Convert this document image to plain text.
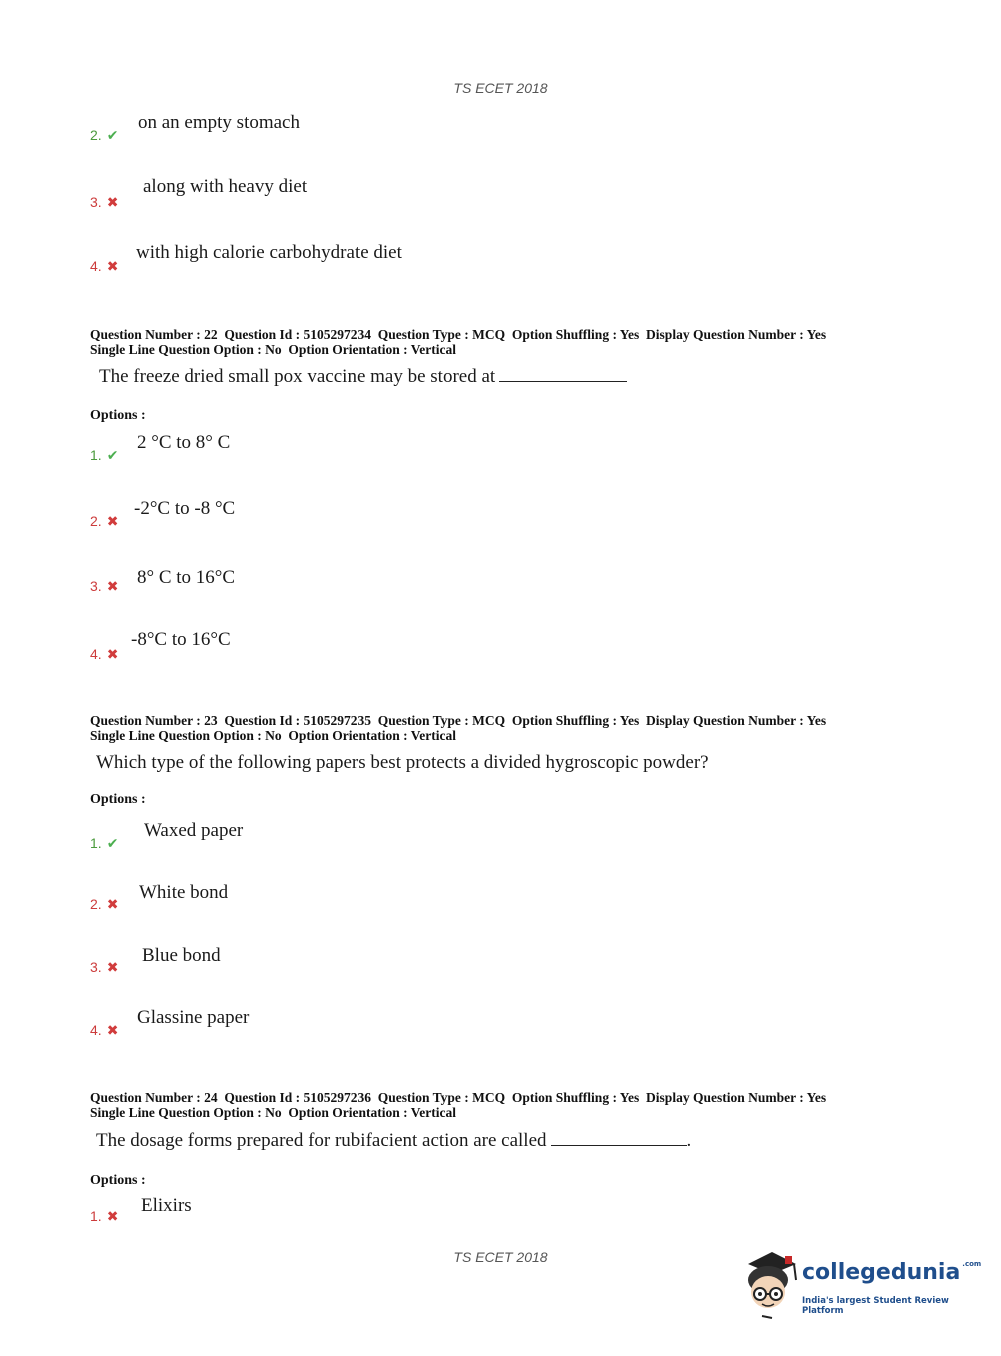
TS ECET 2018
2. ✔
on an empty stomach
3. ✖
along with heavy diet
4. ✖
with high calorie carbohydrate diet
Question Number : 22  Question Id : 5105297234  Question Type : MCQ  Option Shuffling : Yes  Display Question Number : Yes
Single Line Question Option : No  Option Orientation : Vertical
The freeze dried small pox vaccine may be stored at
Options :
1. ✔
2 °C to 8° C
2. ✖
-2°C to -8 °C
3. ✖ 8° C to 16°C
4. ✖
-8°C to 16°C
Question Number : 23  Question Id : 5105297235  Question Type : MCQ  Option Shuffling : Yes  Display Question Number : Yes
Single Line Question Option : No  Option Orientation : Vertical
Which type of the following papers best protects a divided hygroscopic powder?
Options :
1. ✔
Waxed paper
2. ✖
White bond
3. ✖
Blue bond
4. ✖
Glassine paper
Question Number : 24  Question Id : 5105297236  Question Type : MCQ  Option Shuffling : Yes  Display Question Number : Yes
Single Line Question Option : No  Option Orientation : Vertical
The dosage forms prepared for rubifacient action are called	.
Options :
1. ✖
Elixirs
TS ECET 2018
collegedunia $^{.com}$
India's largest Student Review Platform
